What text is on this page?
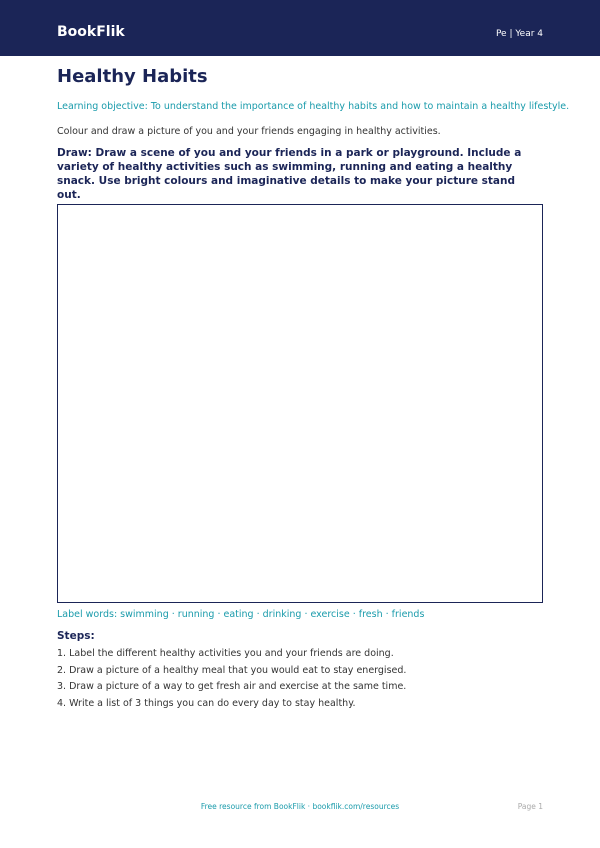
BookFlik	Pe | Year 4
Healthy Habits
Learning objective: To understand the importance of healthy habits and how to maintain a healthy lifestyle.
Colour and draw a picture of you and your friends engaging in healthy activities.
Draw: Draw a scene of you and your friends in a park or playground. Include a variety of healthy activities such as swimming, running and eating a healthy snack. Use bright colours and imaginative details to make your picture stand out.
Label words: swimming · running · eating · drinking · exercise · fresh · friends
Steps:
1. Label the different healthy activities you and your friends are doing.
2. Draw a picture of a healthy meal that you would eat to stay energised.
3. Draw a picture of a way to get fresh air and exercise at the same time.
4. Write a list of 3 things you can do every day to stay healthy.
Free resource from BookFlik · bookflik.com/resources	Page 1
